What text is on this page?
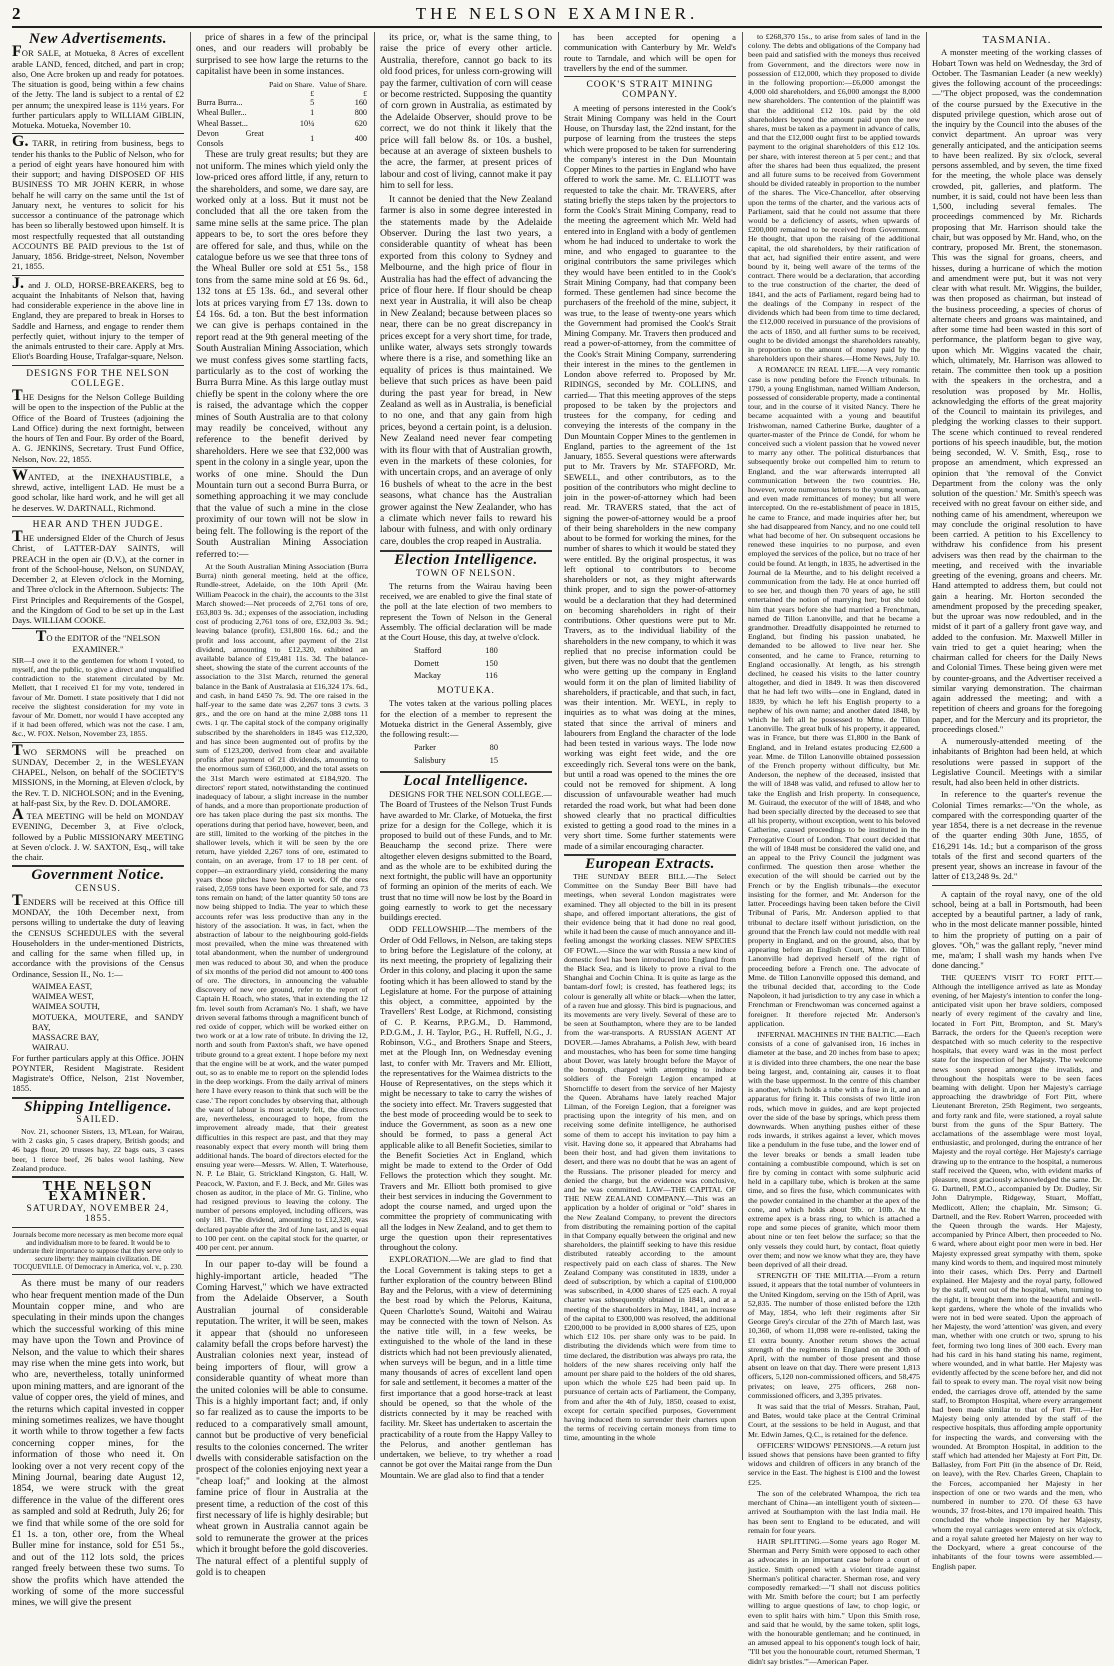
2	THE NELSON EXAMINER.
New Advertisements.

FOR SALE, at Motueka, 8 Acres of excellent arable LAND, fenced, ditched, and part in crop; also, One Acre broken up and ready for potatoes. The situation is good, being within a few chains of the Jetty. The land is subject to a rental of £2 per annum; the unexpired lease is 11½ years. For further particulars apply to WILLIAM GIBLIN, Motueka. Motueka, November 10.

G. TARR, in retiring from business, begs to tender his thanks to the Public of Nelson, who for a period of eight years have honoured him with their support; and having DISPOSED OF HIS BUSINESS TO MR JOHN KERR, in whose behalf he will carry on the same until the 1st of January next, he ventures to solicit for his successor a continuance of the patronage which has been so liberally bestowed upon himself. It is most respectfully requested that all outstanding ACCOUNTS BE PAID previous to the 1st of January, 1856. Bridge-street, Nelson, November 21, 1855.

J. and J. OLD, HORSE-BREAKERS, beg to acquaint the Inhabitants of Nelson that, having had considerable experience in the above line in England, they are prepared to break in Horses to Saddle and Harness, and engage to render them perfectly quiet, without injury to the temper of the animals entrusted to their care. Apply at Mrs. Eliot's Boarding House, Trafalgar-square, Nelson.

DESIGNS FOR THE NELSON COLLEGE.

THE Designs for the Nelson College Building will be open to the inspection of the Public at the Office of the Board of Trustees (adjoining the Land Office) during the next fortnight, between the hours of Ten and Four. By order of the Board, A. G. JENKINS, Secretary. Trust Fund Office, Nelson, Nov. 22, 1855.

WANTED, at the INEXHAUSTIBLE, a shrewd, active, intelligent LAD. He must be a good scholar, like hard work, and he will get all he deserves. W. DARTNALL, Richmond.

HEAR AND THEN JUDGE.

THE undersigned Elder of the Church of Jesus Christ, of LATTER-DAY SAINTS, will PREACH in the open air (D.V.), at the corner in front of the School-house, Nelson, on SUNDAY, December 2, at Eleven o'clock in the Morning, and Three o'clock in the Afternoon. Subjects: The First Principles and Requirements of the Gospel, and the Kingdom of God to be set up in the Last Days. WILLIAM COOKE.

TO the EDITOR of the "NELSON EXAMINER."

SIR—I owe it to the gentlemen for whom I voted, to myself, and the public, to give a direct and unqualified contradiction to the statement circulated by Mr. Mellett, that I received £1 for my vote, tendered in favour of Mr. Domett. I state positively that I did not receive the slightest consideration for my vote in favour of Mr. Domett, nor would I have accepted any if it had been offered, which was not the case. I am, &c., W. FOX. Nelson, November 23, 1855.

TWO SERMONS will be preached on SUNDAY, December 2, in the WESLEYAN CHAPEL, Nelson, on behalf of the SOCIETY'S MISSIONS, in the Morning, at Eleven o'clock, by the Rev. T. D. NICHOLSON; and in the Evening, at half-past Six, by the Rev. D. DOLAMORE.

A TEA MEETING will be held on MONDAY EVENING, December 3, at Five o'clock, followed by a Public MISSIONARY MEETING at Seven o'clock. J. W. SAXTON, Esq., will take the chair.

Government Notice.
CENSUS.

TENDERS will be received at this Office till MONDAY, the 10th December next, from persons willing to undertake the duty of leaving the CENSUS SCHEDULES with the several Householders in the under-mentioned Districts, and calling for the same when filled up, in accordance with the provisions of the Census Ordinance, Session II., No. 1:—

WAIMEA EAST,
WAIMEA WEST,
WAIMEA SOUTH,
MOTUEKA, MOUTERE, and SANDY BAY,
MASSACRE BAY,
WAIRAU.

For further particulars apply at this Office. JOHN POYNTER, Resident Magistrate. Resident Magistrate's Office, Nelson, 21st November, 1855.

Shipping Intelligence.
SAILED.

Nov. 21, schooner Sisters, 13, M'Lean, for Wairau, with 2 casks gin, 5 cases drapery, British goods; and 46 bags flour, 20 trusses hay, 22 bags oats, 3 cases beer, 1 tierce beef, 26 bales wool lashing, New Zealand produce.

THE NELSON EXAMINER.
SATURDAY, NOVEMBER 24, 1855.

Journals become more necessary as men become more equal and individualism more to be feared. It would be to underrate their importance to suppose that they serve only to secure liberty: they maintain civilization. DE TOCQUEVILLE. Of Democracy in America, vol. v., p. 230.

As there must be many of our readers who hear frequent mention made of the Dun Mountain copper mine, and who are speculating in their minds upon the changes which the successful working of this mine may have upon the Town and Province of Nelson, and the value to which their shares may rise when the mine gets into work, but who are, nevertheless, totally uninformed upon mining matters, and are ignorant of the value of copper ores, the yield of mines, and the returns which capital invested in copper mining sometimes realizes, we have thought it worth while to throw together a few facts concerning copper mines, for the information of those who need it. On looking over a not very recent copy of the Mining Journal, bearing date August 12, 1854, we were struck with the great difference in the value of the different ores as sampled and sold at Redruth, July 26; for we find that while some of the ore sold for £1 1s. a ton, other ore, from the Wheal Buller mine for instance, sold for £51 5s., and out of the 112 lots sold, the prices ranged freely between these two sums. To show the profits which have attended the working of some of the more successful mines, we will give the present

price of shares in a few of the principal ones, and our readers will probably be surprised to see how large the returns to the capitalist have been in some instances.

	Paid on Share. £	Value of Share. £
Burra Burra...	5	160
Wheal Buller...	1	800
Wheal Basset...	10¼	620
Devon Great Consols	1	400

These are truly great results; but they are not uniform. The mines which yield only the low-priced ores afford little, if any, return to the shareholders, and some, we dare say, are worked only at a loss. But it must not be concluded that all the ore taken from the same mine sells at the same price. The plan appears to be, to sort the ores before they are offered for sale, and thus, while on the catalogue before us we see that three tons of the Wheal Buller ore sold at £51 5s., 158 tons from the same mine sold at £6 9s. 6d., 132 tons at £5 13s. 6d., and several other lots at prices varying from £7 13s. down to £4 16s. 6d. a ton. But the best information we can give is perhaps contained in the report read at the 9th general meeting of the South Australian Mining Association, which we must confess gives some startling facts, particularly as to the cost of working the Burra Burra Mine. As this large outlay must chiefly be spent in the colony where the ore is raised, the advantage which the copper mines of South Australia are to that colony may readily be conceived, without any reference to the benefit derived by shareholders. Here we see that £32,000 was spent in the colony in a single year, upon the works of one mine. Should the Dun Mountain turn out a second Burra Burra, or something approaching it we may conclude that the value of such a mine in the close proximity of our town will not be slow in being felt. The following is the report of the South Australian Mining Association referred to:—

At the South Australian Mining Association (Burra Burra) ninth general meeting, held at the office, Rundle-street, Adelaide, on the 10th April (Mr. William Peacock in the chair), the accounts to the 31st March showed:—Net proceeds of 2,761 tons of ore, £63,803 9s. 3d.; expenses of the association, including cost of producing 2,761 tons of ore, £32,003 3s. 9d.; leaving balance (profit), £31,800 16s. 6d.; and the profit and loss account, after payment of the 21st dividend, amounting to £12,320, exhibited an available balance of £19,481 11s. 3d. The balance-sheet, showing the state of the current accounts of the association to the 31st March, returned the general balance in the Bank of Australasia at £16,324 17s. 6d., and cash, in hand £450 7s. 9d. The ore raised in the half-year to the same date was 2,267 tons 3 cwts. 3 grs., and the ore on hand at the mine 2,088 tons 11 cwts. 1 qr. The capital stock of the company originally subscribed by the shareholders in 1845 was £12,320, and has since been augmented out of profits by the sum of £123,200, derived from clear and available profits after payment of 21 dividends, amounting to the enormous sum of £360,000, and the total assets on the 31st March were estimated at £184,920. The directors' report stated, notwithstanding the continued inadequacy of labour, a slight increase in the number of hands, and a more than proportionate production of ore has taken place during the past six months. The operations during that period have, however, been, and are still, limited to the working of the pitches in the shallower levels, which it will be seen by the ore return, have yielded 2,267 tons of ore, estimated to contain, on an average, from 17 to 18 per cent. of copper—an extraordinary yield, considering the many years those pitches have been in work. Of the ores raised, 2,059 tons have been exported for sale, and 73 tons remain on hand; of the latter quantity 50 tons are now being shipped to India. The year to which these accounts refer was less productive than any in the history of the association. It was, in fact, when the abstraction of labour to the neighbouring gold-fields most prevailed, when the mine was threatened with total abandonment, when the number of underground men was reduced to about 30, and when the produce of six months of the period did not amount to 400 tons of ore. The directors, in announcing the valuable discovery of new ore ground, refer to the report of Captain H. Roach, who states, 'that in extending the 12 fm. level south from Acraman's No. 1 shaft, we have driven several fathoms through a magnificent bunch of red oxide of copper, which will be worked either on two work or at a low rate of tribute. In driving the 12, north and south from Paxton's shaft, we have opened tribute ground to a great extent. I hope before my next that the engine will be at work, and the water pumped out, so as to enable me to report on the splendid lodes in the deep workings. From the daily arrival of miners here I have every reason to think that such will be the case.' The report concludes by observing that, although the want of labour is most acutely felt, the directors are, nevertheless, encouraged to hope, from the improvement already made, that their greatest difficulties in this respect are past, and that they may reasonably expect that every month will bring them additional hands. The board of directors elected for the ensuing year were—Messrs. W. Allen, T. Waterhouse, N. P. Le Blair, G. Strickland Kingston, G. Hall, W. Peacock, W. Paxton, and F. J. Beck, and Mr. Giles was chosen as auditor, in the place of Mr. G. Tinline, who had resigned previous to leaving the colony. The number of persons employed, including officers, was only 181. The dividend, amounting to £12,320, was declared payable after the 3rd of June last, and is equal to 100 per cent. on the capital stock for the quarter, or 400 per cent. per annum.

In our paper to-day will be found a highly-important article, headed "The Coming Harvest," which we have extracted from the Adelaide Observer, a South Australian journal of considerable reputation. The writer, it will be seen, makes it appear that (should no unforeseen calamity befall the crops before harvest) the Australian colonies next year, instead of being importers of flour, will grow a considerable quantity of wheat more than the united colonies will be able to consume. This is a highly important fact; and, if only so far realized as to cause the imports to be reduced to a comparatively small amount, cannot but be productive of very beneficial results to the colonies concerned. The writer dwells with considerable satisfaction on the prospect of the colonies enjoying next year a "cheap loaf;" and looking at the almost famine price of flour in Australia at the present time, a reduction of the cost of this first necessary of life is highly desirable; but wheat grown in Australia cannot again be sold to remunerate the grower at the prices which it brought before the gold discoveries. The natural effect of a plentiful supply of gold is to cheapen

its price, or, what is the same thing, to raise the price of every other article. Australia, therefore, cannot go back to its old food prices, for unless corn-growing will pay the farmer, cultivation of corn will cease or become restricted. Supposing the quantity of corn grown in Australia, as estimated by the Adelaide Observer, should prove to be correct, we do not think it likely that the price will fall below 8s. or 10s. a bushel, because at an average of sixteen bushels to the acre, the farmer, at present prices of labour and cost of living, cannot make it pay him to sell for less.

It cannot be denied that the New Zealand farmer is also in some degree interested in the statements made by the Adelaide Observer. During the last two years, a considerable quantity of wheat has been exported from this colony to Sydney and Melbourne, and the high price of flour in Australia has had the effect of advancing the price of flour here. If flour should be cheap next year in Australia, it will also be cheap in New Zealand; because between places so near, there can be no great discrepancy in prices except for a very short time, for trade, unlike water, always sets strongly towards where there is a rise, and something like an equality of prices is thus maintained. We believe that such prices as have been paid during the past year for bread, in New Zealand as well as in Australia, is beneficial to no one, and that any gain from high prices, beyond a certain point, is a delusion. New Zealand need never fear competing with its flour with that of Australian growth, even in the markets of these colonies, for with uncertain crops, and an average of only 16 bushels of wheat to the acre in the best seasons, what chance has the Australian grower against the New Zealander, who has a climate which never fails to reward his labour with fulness, and with only ordinary care, doubles the crop reaped in Australia.

Election Intelligence.
TOWN OF NELSON.

The returns from the Wairau having been received, we are enabled to give the final state of the poll at the late election of two members to represent the Town of Nelson in the General Assembly. The official declaration will be made at the Court House, this day, at twelve o'clock.

Stafford	180
Domett	150
Mackay	116
MOTUEKA.

The votes taken at the various polling places for the election of a member to represent the Motueka district in the General Assembly, give the following result:—

Parker	80
Salisbury	15
Local Intelligence.

DESIGNS FOR THE NELSON COLLEGE.—The Board of Trustees of the Nelson Trust Funds have awarded to Mr. Clarke, of Motueka, the first prize for a design for the College, which it is proposed to build out of these Funds, and to Mr. Beauchamp the second prize. There were altogether eleven designs submitted to the Board, and as the whole are to be exhibited during the next fortnight, the public will have an opportunity of forming an opinion of the merits of each. We trust that no time will now be lost by the Board in going earnestly to work to get the necessary buildings erected.

ODD FELLOWSHIP.—The members of the Order of Odd Fellows, in Nelson, are taking steps to bring before the Legislature of the colony, at its next meeting, the propriety of legalizing their Order in this colony, and placing it upon the same footing which it has been allowed to stand by the Legislature at home. For the purpose of attaining this object, a committee, appointed by the Travellers' Rest Lodge, at Richmond, consisting of C. P. Kearns, P.P.G.M., D. Hammond, P.D.G.M., J. H. Taylor, P.G., H. Ruffell, N.G., J. Robinson, V.G., and Brothers Snape and Steers, met at the Plough Inn, on Wednesday evening last, to confer with Mr. Travers and Mr. Elliott, the representatives for the Waimea districts to the House of Representatives, on the steps which it might be necessary to take to carry the wishes of the society into effect. Mr. Travers suggested that the best mode of proceeding would be to seek to induce the Government, as soon as a new one should be formed, to pass a general Act applicable alike to all Benefit Societies, similar to the Benefit Societies Act in England, which might be made to extend to the Order of Odd Fellows the protection which they sought. Mr. Travers and Mr. Elliott both promised to give their best services in inducing the Government to adopt the course named, and urged upon the committee the propriety of communicating with all the lodges in New Zealand, and to get them to urge the question upon their representatives throughout the colony.

EXPLORATION.—We are glad to find that the Local Government is taking steps to get a further exploration of the country between Blind Bay and the Pelorus, with a view of determining the best road by which the Pelorus, Kaituna, Queen Charlotte's Sound, Waitohi and Wairau may be connected with the town of Nelson. As the native title will, in a few weeks, be extinguished to the whole of the land in these districts which had not been previously alienated, when surveys will be begun, and in a little time many thousands of acres of excellent land open for sale and settlement, it becomes a matter of the first importance that a good horse-track at least should be opened, so that the whole of the districts connected by it may be reached with facility. Mr. Skeet has undertaken to ascertain the practicability of a route from the Happy Valley to the Pelorus, and another gentleman has undertaken, we believe, to try whether a road cannot be got over the Maitai range from the Dun Mountain. We are glad also to find that a tender

has been accepted for opening a communication with Canterbury by Mr. Weld's route to Tarndale, and which will be open for travellers by the end of the summer.

COOK'S STRAIT MINING COMPANY.

A meeting of persons interested in the Cook's Strait Mining Company was held in the Court House, on Thursday last, the 22nd instant, for the purpose of learning from the trustees the steps which were proposed to be taken for surrendering the company's interest in the Dun Mountain Copper Mines to the parties in England who have offered to work the same. Mr. C. ELLIOTT was requested to take the chair. Mr. TRAVERS, after stating briefly the steps taken by the projectors to form the Cook's Strait Mining Company, read to the meeting the agreement which Mr. Weld had entered into in England with a body of gentlemen whom he had induced to undertake to work the mine, and who engaged to guarantee to the original contributors the same privileges which they would have been entitled to in the Cook's Strait Mining Company, had that company been formed. These gentlemen had since become the purchasers of the freehold of the mine, subject, it was true, to the lease of twenty-one years which the Government had promised the Cook's Strait Mining Company. Mr. Travers then produced and read a power-of-attorney, from the committee of the Cook's Strait Mining Company, surrendering their interest in the mines to the gentlemen in London above referred to. Proposed by Mr. RIDINGS, seconded by Mr. COLLINS, and carried— That this meeting approves of the steps proposed to be taken by the projectors and trustees for the company, for ceding and conveying the interests of the company in the Dun Mountain Copper Mines to the gentlemen in England, parties to the agreement of the 1st January, 1855. Several questions were afterwards put to Mr. Travers by Mr. STAFFORD, Mr. SEWELL, and other contributors, as to the position of the contributors who might decline to join in the power-of-attorney which had been read. Mr. TRAVERS stated, that the act of signing the power-of-attorney would be a proof of their being shareholders in the new company about to be formed for working the mines, for the number of shares to which it would be stated they were entitled. By the original prospectus, it was left optional to contributors to become shareholders or not, as they might afterwards think proper, and to sign the power-of-attorney would be a declaration that they had determined on becoming shareholders in right of their contributions. Other questions were put to Mr. Travers, as to the individual liability of the shareholders in the new company, to which it was replied that no precise information could be given, but there was no doubt that the gentlemen who were getting up the company in England would form it on the plan of limited liability of shareholders, if practicable, and that such, in fact, was their intention. Mr. WEYL, in reply to inquiries as to what was doing at the mines, stated that since the arrival of miners and labourers from England the character of the lode had been tested in various ways. The lode now working was eight feet wide, and the ore exceedingly rich. Several tons were on the bank, but until a road was opened to the mines the ore could not be removed for shipment. A long discussion of unfavourable weather had much retarded the road work, but what had been done showed clearly that no practical difficulties existed to getting a good road to the mines in a very short time. Some further statements were made of a similar encouraging character.

European Extracts.

THE SUNDAY BEER BILL.—The Select Committee on the Sunday Beer Bill have had meetings, when several London magistrates were examined. They all objected to the bill in its present shape, and offered important alterations, the gist of their evidence being that it had done no real good, while it had been the cause of much annoyance and ill-feeling amongst the working classes. NEW SPECIES OF FOWL.—Since the war with Russia a new kind of domestic fowl has been introduced into England from the Black Sea, and is likely to prove a rival to the Shanghai and Cochin China. It is quite as large as the bantam-dorf fowl; is crested, has feathered legs; its colour is generally all white or black—when the latter, of a raven hue and glossy. This bird is pugnacious, and its movements are very lively. Several of these are to be seen at Southampton, where they are to be landed from the war-transports. A RUSSIAN AGENT AT DOVER.—James Abrahams, a Polish Jew, with beard and moustaches, who has been for some time hanging about Dover, was lately brought before the Mayor of the borough, charged with attempting to induce soldiers of the Foreign Legion encamped at Shorncliffe to desert from the service of her Majesty the Queen. Abrahams have lately reached Major Lilman, of the Foreign Legion, that a foreigner was practising upon the integrity of his men, and on receiving some definite intelligence, he authorised some of them to accept his invitation to pay him a visit. Having done so, it appeared that Abrahams had been their host, and had given them invitations to desert, and there was no doubt that he was an agent of the Russians. The prisoner pleaded for mercy and denied the charge, but the evidence was conclusive, and he was committed. LAW—THE CAPITAL OF THE NEW ZEALAND COMPANY.—This was an application by a holder of original or "old" shares in the New Zealand Company, to prevent the directors from distributing the remaining portion of the capital in that Company equally between the original and new shareholders, the plaintiff seeking to have this residue distributed rateably according to the amount respectively paid on each class of shares. The New Zealand Company was constituted in 1839, under a deed of subscription, by which a capital of £100,000 was subscribed, in 4,000 shares of £25 each. A royal charter was subsequently obtained in 1841, and at a meeting of the shareholders in May, 1841, an increase of the capital to £300,000 was resolved, the additional £200,000 to be provided in 8,000 shares of £25, upon which £12 10s. per share only was to be paid. In distributing the dividends which were from time to time declared, the distribution was always pro rata, the holders of the new shares receiving only half the amount per share paid to the holders of the old shares, upon which the whole £25 had been paid up. In pursuance of certain acts of Parliament, the Company, from and after the 4th of July, 1850, ceased to exist, except for certain specified purposes, Government having induced them to surrender their charters upon the terms of receiving certain moneys from time to time, amounting in the whole

to £268,370 15s., to arise from sales of land in the colony. The debts and obligations of the Company had been paid and satisfied with the moneys thus received from Government, and the directors were now in possession of £12,000, which they proposed to divide in the following proportion:—£6,000 amongst the 4,000 old shareholders, and £6,000 amongst the 8,000 new shareholders. The contention of the plaintiff was that the additional £12 10s. paid by the old shareholders beyond the amount paid upon the new shares, must be taken as a payment in advance of calls, and that the £12,000 ought first to be applied towards payment to the original shareholders of this £12 10s. per share, with interest thereon at 5 per cent.; and that after the shares had been thus equalized, the present and all future sums to be received from Government should be divided rateably in proportion to the number of the shares. The Vice-Chancellor, after observing upon the terms of the charter, and the various acts of Parliament, said that he could not assume that there would be a deficiency of assets, when upwards of £200,000 remained to be received from Government. He thought, that upon the raising of the additional capital, the old shareholders, by their ratification of that act, had signified their entire assent, and were bound by it, being well aware of the terms of the contract. There would be a declaration, that according to the true construction of the charter, the deed of 1841, and the acts of Parliament, regard being had to the dealings of the Company in respect of the dividends which had been from time to time declared, the £12,000 received in pursuance of the provisions of the acts of 1850, and all further sums to be received, ought to be divided amongst the shareholders rateably, in proportion to the amount of money paid by the shareholders upon their shares.—Home News, July 10.

A ROMANCE IN REAL LIFE.—A very romantic case is now pending before the French tribunals. In 1790, a young Englishman, named William Anderson, possessed of considerable property, made a continental tour, and in the course of it visited Nancy. There he became acquainted with a young and beautiful Irishwoman, named Catherine Burke, daughter of a quarter-master of the Prince de Condé, for whom he conceived such a violent passion that he vowed never to marry any other. The political disturbances that subsequently broke out compelled him to return to England, and the war afterwards interrupted all communication between the two countries. He, however, wrote numerous letters to the young woman, and even made remittances of money; but all were intercepted. On the re-establishment of peace in 1815, he came to France, and made inquiries after her, but she had disappeared from Nancy, and no one could tell what had become of her. On subsequent occasions he renewed these inquiries to no purpose, and even employed the services of the police, but no trace of her could be found. At length, in 1835, he advertised in the Journal de la Meurthe, and to his delight received a communication from the lady. He at once hurried off to see her, and though then 70 years of age, he still entertained the notion of marrying her; but she told him that years before she had married a Frenchman, named de Tillon Lanonville, and that he became a grandmother. Dreadfully disappointed he returned to England, but finding his passion unabated, he demanded to be allowed to live near her. She consented, and he came to France, returning to England occasionally. At length, as his strength declined, he ceased his visits to the latter country altogether, and died in 1849. It was then discovered that he had left two wills—one in England, dated in 1839, by which he left his English property to a nephew of his own name; and another dated 1848, by which he left all he possessed to Mme. de Tillon Lanonville. The great bulk of his property, it appeared, was in France, but there was £1,800 in the Bank of England, and in Ireland estates producing £2,600 a year. Mme. de Tillon Lanonville obtained possession of the French property without difficulty, but Mr. Anderson, the nephew of the deceased, insisted that the will of 1848 was valid, and refused to allow her to take the English and Irish property. In consequence, M. Guiraud, the executor of the will of 1848, and who had been specially directed by the deceased to see that all his property, without exception, went to his beloved Catherine, caused proceedings to be instituted in the Prerogative Court of London. That court decided that the will of 1848 must be considered the valid one, and an appeal to the Privy Council the judgment was confirmed. The question then arose whether the execution of the will should be carried out by the French or by the English tribunals—the executor insisting for the former, and Mr. Anderson for the latter. Proceedings having been taken before the Civil Tribunal of Paris, Mr. Anderson applied to that tribunal to declare itself without jurisdiction, on the ground that the French law could not meddle with real property in England, and on the ground, also, that by appearing before an English Court, Mme. de Tillon Lanonville had deprived herself of the right of proceeding before a French one. The advocate of Mme. de Tillon Lanonville opposed this demand, and the tribunal decided that, according to the Code Napoleon, it had jurisdiction to try any case in which a Frenchman or Frenchwoman was concerned against a foreigner. It therefore rejected Mr. Anderson's application.

INFERNAL MACHINES IN THE BALTIC.—Each consists of a cone of galvanised iron, 16 inches in diameter at the base, and 20 inches from base to apex; it is divided into three chambers, the one near the base being largest, and, containing air, causes it to float with the base uppermost. In the centre of this chamber is another, which holds a tube with a fuse in it, and an apparatus for firing it. This consists of two little iron rods, which move in guides, and are kept projected over the side of the base by springs, which press them downwards. When anything pushes either of these rods inwards, it strikes against a lever, which moves like a pendulum in the fuse tube, and the lower end of the lever breaks or bends a small leaden tube containing a combustible compound, which is set on fire by coming in contact with some sulphuric acid held in a capillary tube, which is broken at the same time, and so fires the fuse, which communicates with the powder contained in the chamber at the apex of the cone, and which holds about 9lb. or 10lb. At the extreme apex is a brass ring, to which is attached a rope and some pieces of granite, which moor them about nine or ten feet below the surface; so that the only vessels they could hurt, by contact, float quietly over them; and now we know what they are, they have been deprived of all their dread.

STRENGTH OF THE MILITIA.—From a return issued, it appears that the total number of volunteers in the United Kingdom, serving on the 15th of April, was 52,835. The number of those enlisted before the 12th of May, 1854, who left their regiments after Sir George Grey's circular of the 27th of March last, was 10,360, of whom 11,098 were re-enlisted, taking the £1 extra bounty. Another return shows the actual strength of the regiments in England on the 30th of April, with the number of those present and those absent on leave on that day. There were present 1,813 officers, 5,120 non-commissioned officers, and 58,475 privates; on leave, 275 officers, 268 non-commissioned officers, and 3,395 privates.

It was said that the trial of Messrs. Strahan, Paul, and Bates, would take place at the Central Criminal Court, at the sessions to be held in August, and that Mr. Edwin James, Q.C., is retained for the defence.

OFFICERS' WIDOWS' PENSIONS.—A return just issued shows that pensions have been granted to fifty widows and children of officers in any branch of the service in the East. The highest is £100 and the lowest £25.

The son of the celebrated Whampoa, the rich tea merchant of China—an intelligent youth of sixteen—arrived at Southampton with the last India mail. He has been sent to England to be educated, and will remain for four years.

HAIR SPLITTING.—Some years ago Roger M. Sherman and Perry Smith were opposed to each other as advocates in an important case before a court of justice. Smith opened with a violent tirade against Sherman's political character. Sherman rose, and very composedly remarked:—"I shall not discuss politics with Mr. Smith before the court; but I am perfectly willing to argue questions of law, to chop logic, or even to split hairs with him." Upon this Smith rose, and said that he would, by the same token, split logs, with the honourable gentleman; and he continued, in an amused appeal to his opponent's tough lock of hair, "I'll bet you the honourable court, returned Sherman, 'I didn't say bristles.'"—American Paper.

TASMANIA.

A monster meeting of the working classes of Hobart Town was held on Wednesday, the 3rd of October. The Tasmanian Leader (a new weekly) gives the following account of the proceedings:—"The object proposed, was the condemnation of the course pursued by the Executive in the disputed privilege question, which arose out of the inquiry by the Council into the abuses of the convict department. An uproar was very generally anticipated, and the anticipation seems to have been realized. By six o'clock, several persons assembled, and by seven, the time fixed for the meeting, the whole place was densely crowded, pit, galleries, and platform. The number, it is said, could not have been less than 1,500, including several females. The proceedings commenced by Mr. Richards proposing that Mr. Harrison should take the chair, but was opposed by Mr. Hand, who, on the contrary, proposed Mr. Brent, the stonemason. This was the signal for groans, cheers, and hisses, during a hurricane of which the motion and amendment were put, but it was not very clear with what result. Mr. Wiggins, the builder, was then proposed as chairman, but instead of the business proceeding, a species of chorus of alternate cheers and groans was maintained, and after some time had been wasted in this sort of performance, the platform began to give way, upon which Mr. Wiggins vacated the chair, which, ultimately, Mr. Harrison was allowed to retain. The committee then took up a position with the speakers in the orchestra, and a resolution was proposed by Mr. Hollis, acknowledging the efforts of the great majority of the Council to maintain its privileges, and pledging the working classes to their support. The scene which continued to reveal rendered portions of his speech inaudible, but, the motion being seconded, W. V. Smith, Esq., rose to propose an amendment, which expressed an opinion that 'the removal of the Convict Department from the colony was the only solution of the question.' Mr. Smith's speech was received with no great favour on either side, and nothing came of his amendment, whereupon we may conclude the original resolution to have been carried. A petition to his Excellency to withdraw his confidence from his present advisers was then read by the chairman to the meeting, and received with the invariable greeting of the evening, groans and cheers. Mr. Hand attempted to address them, but could not gain a hearing. Mr. Horton seconded the amendment proposed by the preceding speaker, but the uproar was now redoubled, and in the midst of it part of a gallery front gave way, and added to the confusion. Mr. Maxwell Miller in vain tried to get a quiet hearing; when the chairman called for cheers for the Daily News and Colonial Times. These being given were met by counter-groans, and the Advertiser received a similar varying demonstration. The chairman again addressed the meeting; and with a repetition of cheers and groans for the foregoing paper, and for the Mercury and its proprietor, the proceedings closed."

A numerously-attended meeting of the inhabitants of Brighton had been held, at which resolutions were passed in support of the Legislative Council. Meetings with a similar result, had also been held in other districts.

In reference to the quarter's revenue the Colonial Times remarks:—"On the whole, as compared with the corresponding quarter of the year 1854, there is a net decrease in the revenue of the quarter ending 30th June, 1855, of £16,291 14s. 1d.; but a comparison of the gross totals of the first and second quarters of the present year, shows an increase in favour of the latter of £13,248 9s. 2d."

A captain of the royal navy, one of the old school, being at a ball in Portsmouth, had been accepted by a beautiful partner, a lady of rank, who in the most delicate manner possible, hinted to him the propriety of putting on a pair of gloves. "Oh," was the gallant reply, "never mind me, ma'am; I shall wash my hands when I've done dancing."

THE QUEEN'S VISIT TO FORT PITT.—Although the intelligence arrived as late as Monday evening, of her Majesty's intention to confer the long-anticipated visit upon her brave soldiers, composed nearly of every regiment of the cavalry and line, located in Fort Pitt, Brompton, and St. Mary's Barrack, the orders for the Queen's reception were despatched with so much celerity to the respective hospitals, that every ward was in the most perfect state for the inspection of her Majesty. The welcome news soon spread amongst the invalids, and throughout the hospitals were to be seen faces beaming with delight. Upon her Majesty's carriage approaching the drawbridge of Fort Pitt, where Lieutenant Brereton, 25th Regiment, two sergeants, and forty rank and file, were stationed, a royal salute burst from the guns of the Spur Battery. The acclamations of the assemblage were most loyal, enthusiastic, and prolonged, during the entrance of her Majesty and the royal cortège. Her Majesty's carriage drawing up to the entrance to the hospital, a numerous staff received the Queen, who, with evident marks of pleasure, most graciously acknowledged the same. Dr. G. Dartnell, P.M.O., accompanied by Dr. Dudley, Sir John Dalrymple, Ridgeway, Stuart, Moffatt, Medlicott, Allen; the chaplain, Mr. Simson; G. Dartnell, and the Rev. Robert Warren, proceeded with the Queen through the wards. Her Majesty, accompanied by Prince Albert, then proceeded to No. 6 ward, where about eight poor men were in bed. Her Majesty expressed great sympathy with them, spoke many kind words to them, and inquired most minutely into their cases, which Drs. Perry and Dartnell explained. Her Majesty and the royal party, followed by the staff, went out of the hospital, when, turning to the right, it brought them into the beautiful and well-kept gardens, where the whole of the invalids who were not in bed were seated. Upon the approach of her Majesty, the word 'attention' was given, and every man, whether with one crutch or two, sprung to his feet, forming two long lines of 300 each. Every man had his card in his hand stating his name, regiment, where wounded, and in what battle. Her Majesty was evidently affected by the scene before her, and did not fail to speak to every man. The royal visit now being ended, the carriages drove off, attended by the same staff, to Brompton Hospital, where every arrangement had been made similar to that of Fort Pitt.—Her Majesty being only attended by the staff of the respective hospitals, thus affording ample opportunity for inspecting the wards, and conversing with the wounded. At Brompton Hospital, in addition to the staff which had attended her Majesty at Fort Pitt, Dr. Ballasley, from Fort Pitt (in the absence of Dr. Reid, on leave), with the Rev. Charles Green, Chaplain to the Forces, accompanied her Majesty in her inspection of one or two wards and the men, who numbered in number to 270. Of these 63 have wounds, 37 frost-bites, and 170 impaired health. This concluded the whole inspection by her Majesty, whom the royal carriages were entered at six o'clock, and a royal salute greeted her Majesty on her way to the Dockyard, where a great concourse of the inhabitants of the four towns were assembled.—English paper.
